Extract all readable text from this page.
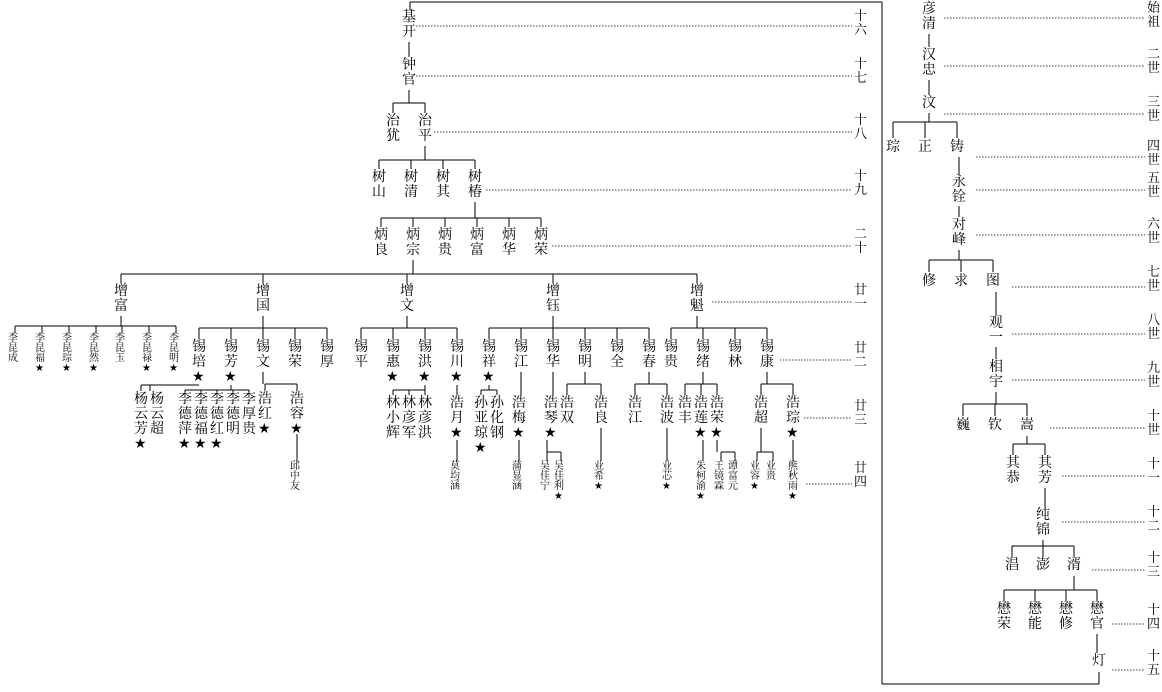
彦
清
汉
忠
汶
琮 正 铸
永
铨
对
峰
修 求 图
观
一
相
宇
巍 钦 嵩
其
恭
其
芳
纯
锦
淐 澎 湑
懋
荣
懋
能
懋
修
懋
官
灯
始
祖
二
世
三
世
四
世
五
世
六
世
七
世
八
世
九
世
十
世
十
一
十
二
十
三
十
四
十
五
基
开
钟
官
治
犹
治
平
树
山
树
清
树
其
树
椿
炳
良
炳
宗
炳
贵
炳
富
炳
华
炳
荣
增
富
增
国
增
文
增
钰
增
魁
锡
培
★
锡
芳
★
锡
文
锡
荣
锡
厚
锡
平
锡
惠
★
锡
洪
★
锡
川
★
锡
祥
★
锡
江
锡
华
锡
明
锡
全
锡
春
锡
贵
锡
绪
锡
林
锡
康
杨
云
芳
★
杨
云
超
李
德
萍
★
李
德
福
★
李
德
红
★
李
德
明
李
厚
贵
浩
红
★
浩
容
★
林
小
辉
林
彦
军
林
彦
洪
浩
月
★
孙
亚
琼
★
孙
化
钢
浩
梅
★
浩
琴
★
浩
双
浩
良
浩
江
浩
波
浩
丰
浩
莲
★
浩
荣
★
浩
超
浩
琮
★
李
昆
成
李
昆
福
★
李
昆
琮
★
李
昆
然
★
李
昆
玉
李
昆
禄
★
李
昆
明
★
邱
中
友
莫
均
涵
蒲
显
涵
吴
佳
宁
吴
佳
利
★
业
希
★
业
芯
★
朱
柯
渝
★
王
镜
霖
谭
富
元
业
容
★
业
贵
熊
秋
雨
★
十
六
十
七
十
八
十
九
二
十
廿
一
廿
二
廿
三
廿
四
